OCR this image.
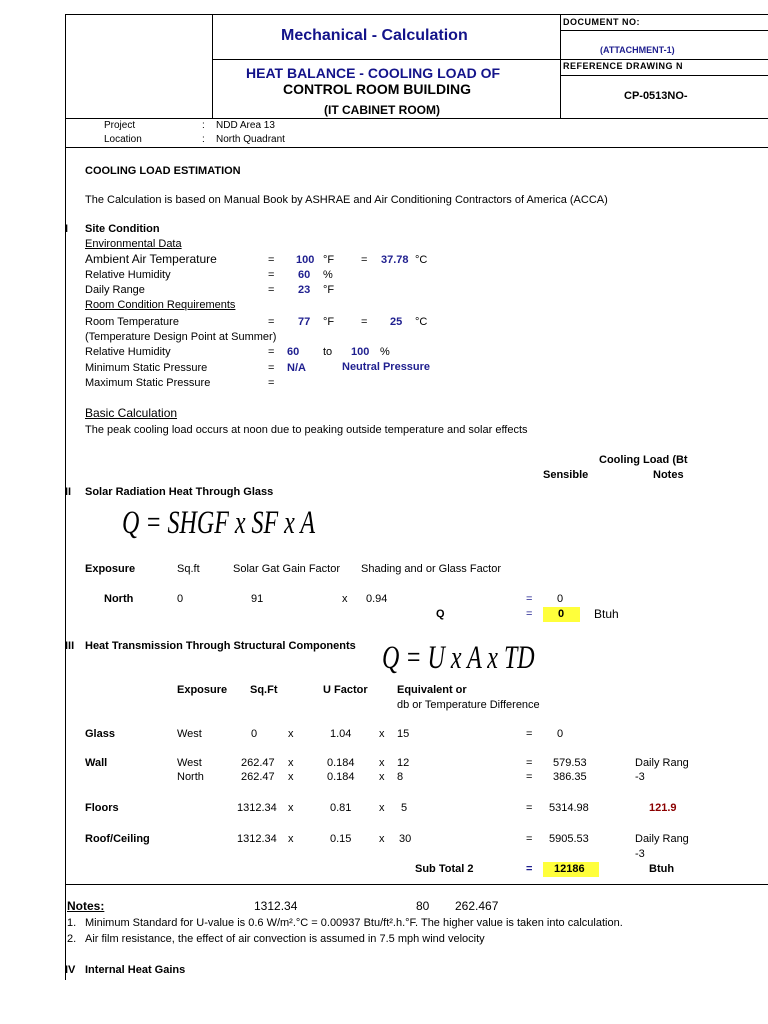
Mechanical - Calculation
DOCUMENT NO:
(ATTACHMENT-1)
REFERENCE DRAWING N
HEAT BALANCE - COOLING LOAD OF
CONTROL ROOM BUILDING
(IT CABINET ROOM)
CP-0513NO-
Project	: NDD Area 13
Location	: North Quadrant
COOLING LOAD ESTIMATION
The Calculation is based on Manual Book by ASHRAE and Air Conditioning Contractors of America (ACCA)
I Site Condition
Environmental Data
Ambient Air Temperature	= 100 °F = 37.78 °C
Relative Humidity	= 60 %
Daily Range	= 23 °F
Room Condition Requirements
Room Temperature	= 77 °F = 25 °C
(Temperature Design Point at Summer)
Relative Humidity	= 60 to 100 %
Minimum Static Pressure	= N/A	Neutral Pressure
Maximum Static Pressure	=
Basic Calculation
The peak cooling load occurs at noon due to peaking outside temperature and solar effects
Cooling Load (Bt
Sensible	Notes
II Solar Radiation Heat Through Glass
Q = SHGF x SF x A
Exposure	Sq.ft	Solar Gat Gain Factor Shading and or Glass Factor
North	0	91	x 0.94	= 0
Q	= 0 Btuh
III Heat Transmission Through Structural Components Q = U x A x TD
Exposure Sq.Ft	U Factor	Equivalent or
db or Temperature Difference
Glass	West	0	x	1.04	x 15	= 0
Wall	West	262.47 x	0.184 x 12	= 579.53	Daily Rang
North	262.47 x	0.184 x 8	= 386.35	-3
Floors	1312.34 x	0.81	x 5	= 5314.98	121.9
Roof/Ceiling	1312.34 x	0.15	x 30	= 5905.53	Daily Rang
-3
Sub Total 2	= 12186	Btuh
Notes:	1312.34	80 262.467
1. Minimum Standard for U-value is 0.6 W/m².°C = 0.00937 Btu/ft².h.°F. The higher value is taken into calculation.
2. Air film resistance, the effect of air convection is assumed in 7.5 mph wind velocity
IV Internal Heat Gains
